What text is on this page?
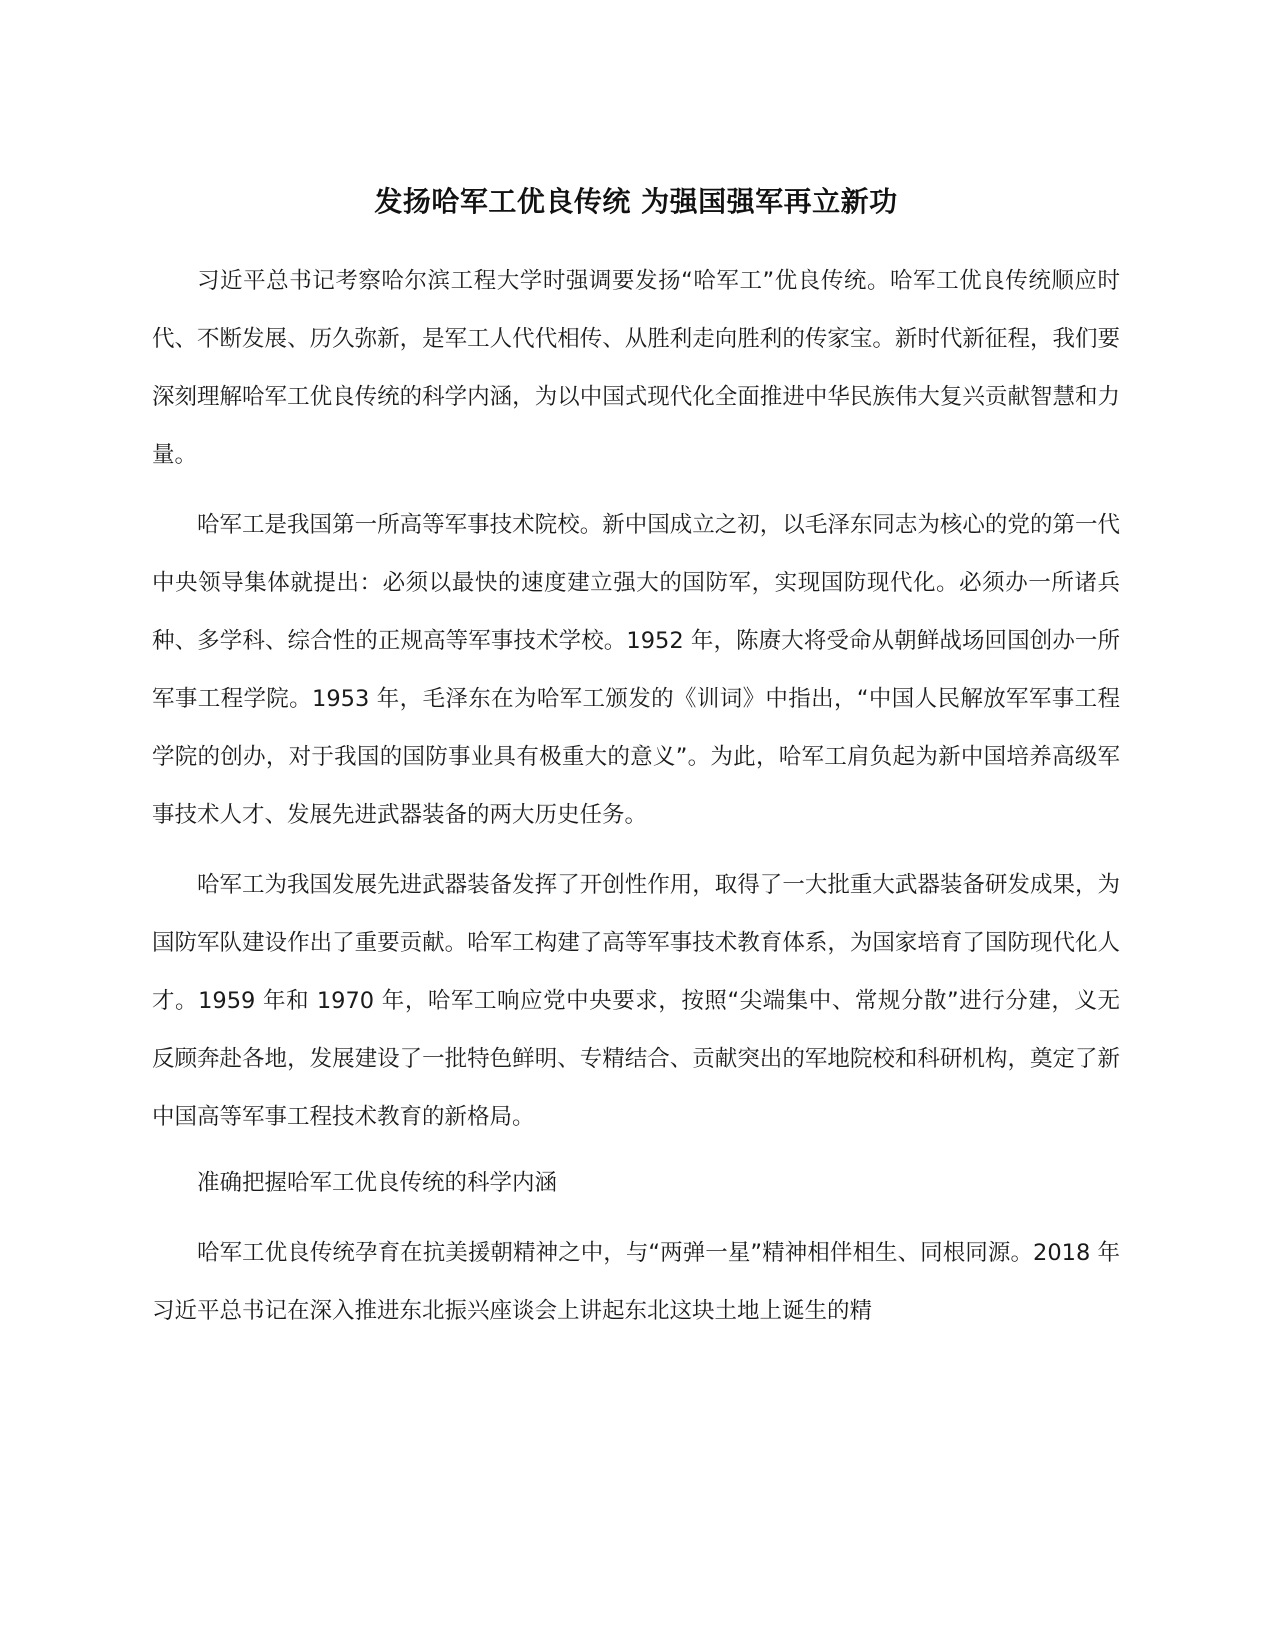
发扬哈军工优良传统 为强国强军再立新功

习近平总书记考察哈尔滨工程大学时强调要发扬“哈军工”优良传统。哈军工优良传统顺应时代、不断发展、历久弥新，是军工人代代相传、从胜利走向胜利的传家宝。新时代新征程，我们要深刻理解哈军工优良传统的科学内涵，为以中国式现代化全面推进中华民族伟大复兴贡献智慧和力量。

哈军工是我国第一所高等军事技术院校。新中国成立之初，以毛泽东同志为核心的党的第一代中央领导集体就提出：必须以最快的速度建立强大的国防军，实现国防现代化。必须办一所诸兵种、多学科、综合性的正规高等军事技术学校。1952 年，陈赓大将受命从朝鲜战场回国创办一所军事工程学院。1953 年，毛泽东在为哈军工颁发的《训词》中指出，“中国人民解放军军事工程学院的创办，对于我国的国防事业具有极重大的意义”。为此，哈军工肩负起为新中国培养高级军事技术人才、发展先进武器装备的两大历史任务。

哈军工为我国发展先进武器装备发挥了开创性作用，取得了一大批重大武器装备研发成果，为国防军队建设作出了重要贡献。哈军工构建了高等军事技术教育体系，为国家培育了国防现代化人才。1959 年和 1970 年，哈军工响应党中央要求，按照“尖端集中、常规分散”进行分建，义无反顾奔赴各地，发展建设了一批特色鲜明、专精结合、贡献突出的军地院校和科研机构，奠定了新中国高等军事工程技术教育的新格局。

准确把握哈军工优良传统的科学内涵

哈军工优良传统孕育在抗美援朝精神之中，与“两弹一星”精神相伴相生、同根同源。2018 年习近平总书记在深入推进东北振兴座谈会上讲起东北这块土地上诞生的精
